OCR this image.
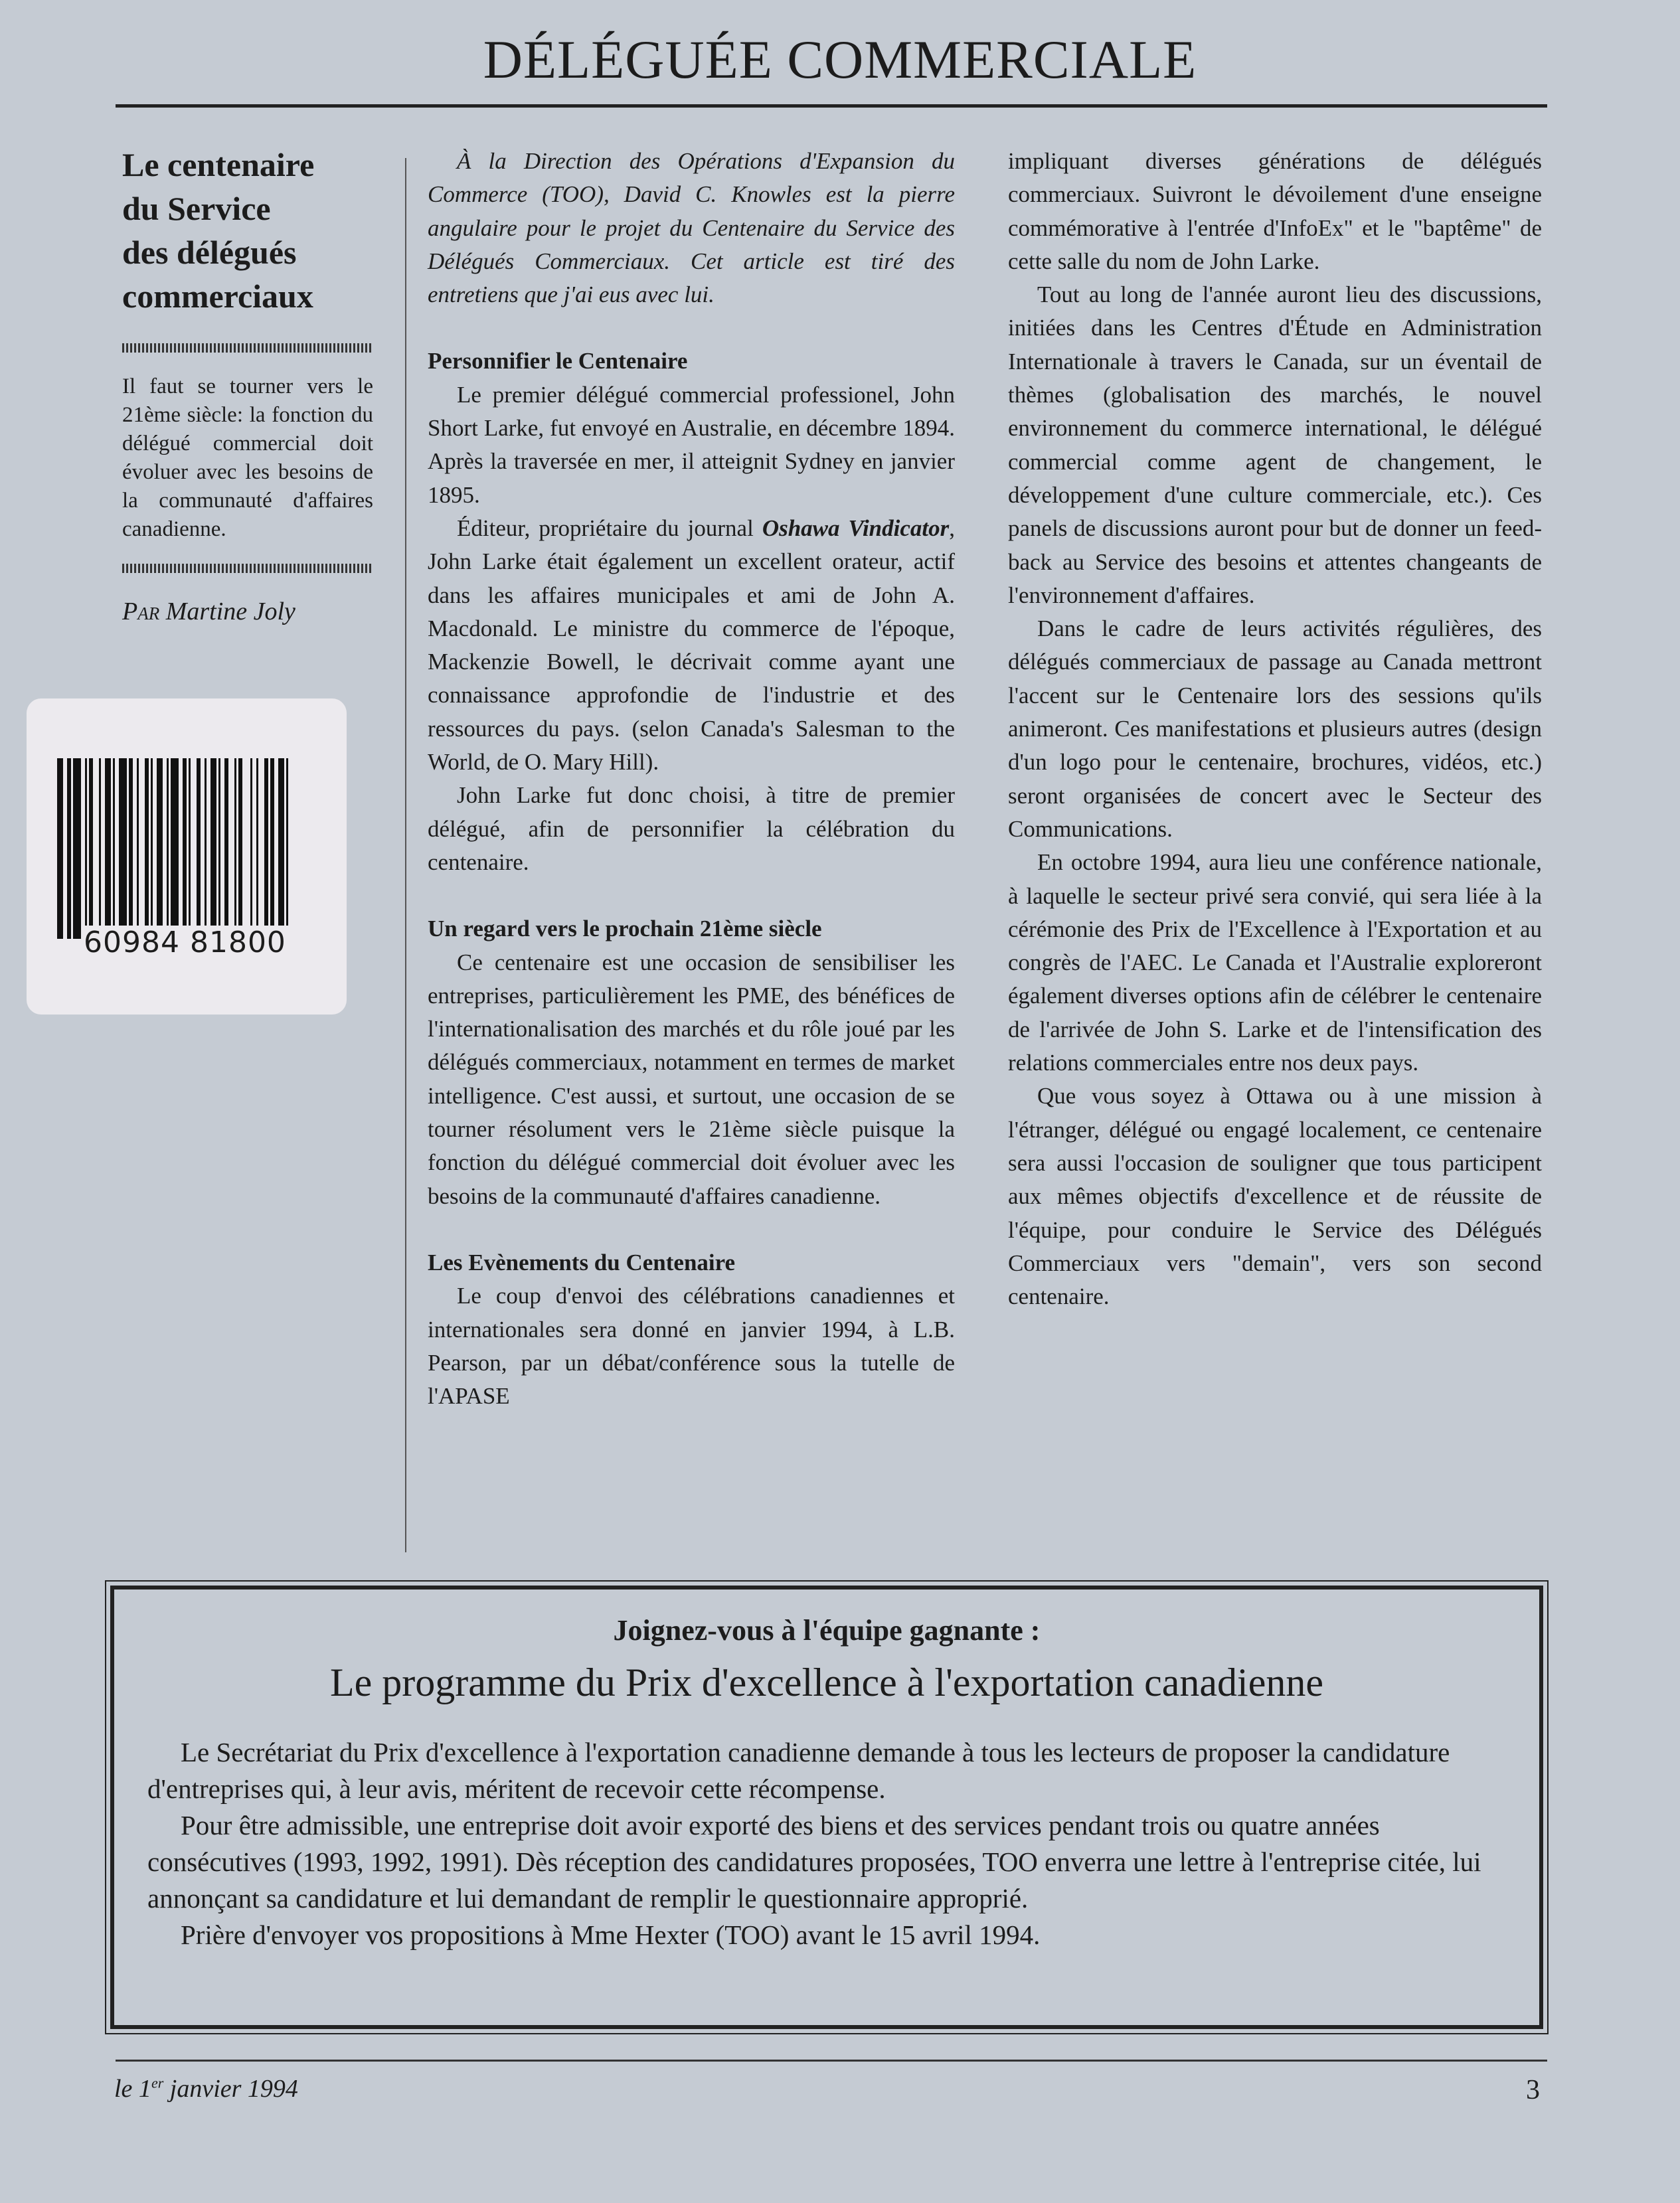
DÉLÉGUÉE COMMERCIALE
Le centenaire
du Service
des délégués
commerciaux

Il faut se tourner vers le 21ème siècle: la fonction du délégué commercial doit évoluer avec les besoins de la communauté d'affaires canadienne.

Par Martine Joly

60984 81800

À la Direction des Opérations d'Expansion du Commerce (TOO), David C. Knowles est la pierre angulaire pour le projet du Centenaire du Service des Délégués Commerciaux. Cet article est tiré des entretiens que j'ai eus avec lui.

Personnifier le Centenaire

Le premier délégué commercial professionel, John Short Larke, fut envoyé en Australie, en décembre 1894. Après la traversée en mer, il atteignit Sydney en janvier 1895.

Éditeur, propriétaire du journal Oshawa Vindicator, John Larke était également un excellent orateur, actif dans les affaires municipales et ami de John A. Macdonald. Le ministre du commerce de l'époque, Mackenzie Bowell, le décrivait comme ayant une connaissance approfondie de l'industrie et des ressources du pays. (selon Canada's Salesman to the World, de O. Mary Hill).

John Larke fut donc choisi, à titre de premier délégué, afin de personnifier la célébration du centenaire.

Un regard vers le prochain 21ème siècle

Ce centenaire est une occasion de sensibiliser les entreprises, particulièrement les PME, des bénéfices de l'internationalisation des marchés et du rôle joué par les délégués commerciaux, notamment en termes de market intelligence. C'est aussi, et surtout, une occasion de se tourner résolument vers le 21ème siècle puisque la fonction du délégué commercial doit évoluer avec les besoins de la communauté d'affaires canadienne.

Les Evènements du Centenaire

Le coup d'envoi des célébrations canadiennes et internationales sera donné en janvier 1994, à L.B. Pearson, par un débat/conférence sous la tutelle de l'APASE

impliquant diverses générations de délégués commerciaux. Suivront le dévoilement d'une enseigne commémorative à l'entrée d'InfoEx" et le "baptême" de cette salle du nom de John Larke.

Tout au long de l'année auront lieu des discussions, initiées dans les Centres d'Étude en Administration Internationale à travers le Canada, sur un éventail de thèmes (globalisation des marchés, le nouvel environnement du commerce international, le délégué commercial comme agent de changement, le développement d'une culture commerciale, etc.). Ces panels de discussions auront pour but de donner un feed-back au Service des besoins et attentes changeants de l'environnement d'affaires.

Dans le cadre de leurs activités régulières, des délégués commerciaux de passage au Canada mettront l'accent sur le Centenaire lors des sessions qu'ils animeront. Ces manifestations et plusieurs autres (design d'un logo pour le centenaire, brochures, vidéos, etc.) seront organisées de concert avec le Secteur des Communications.

En octobre 1994, aura lieu une conférence nationale, à laquelle le secteur privé sera convié, qui sera liée à la cérémonie des Prix de l'Excellence à l'Exportation et au congrès de l'AEC. Le Canada et l'Australie exploreront également diverses options afin de célébrer le centenaire de l'arrivée de John S. Larke et de l'intensification des relations commerciales entre nos deux pays.

Que vous soyez à Ottawa ou à une mission à l'étranger, délégué ou engagé localement, ce centenaire sera aussi l'occasion de souligner que tous participent aux mêmes objectifs d'excellence et de réussite de l'équipe, pour conduire le Service des Délégués Commerciaux vers "demain", vers son second centenaire.

Joignez-vous à l'équipe gagnante :
Le programme du Prix d'excellence à l'exportation canadienne

Le Secrétariat du Prix d'excellence à l'exportation canadienne demande à tous les lecteurs de proposer la candidature d'entreprises qui, à leur avis, méritent de recevoir cette récompense.

Pour être admissible, une entreprise doit avoir exporté des biens et des services pendant trois ou quatre années consécutives (1993, 1992, 1991). Dès réception des candidatures proposées, TOO enverra une lettre à l'entreprise citée, lui annonçant sa candidature et lui demandant de remplir le questionnaire approprié.

Prière d'envoyer vos propositions à Mme Hexter (TOO) avant le 15 avril 1994.

le 1er janvier 1994	3
